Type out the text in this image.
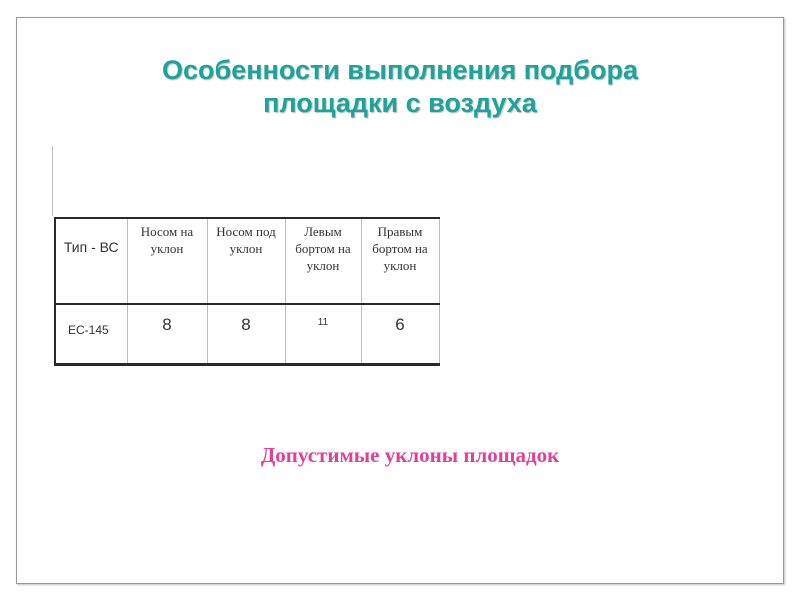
Особенности выполнения подбора
площадки с воздуха
Тип - ВС	Носом на уклон	Носом под уклон	Левым бортом на уклон	Правым бортом на уклон
ЕС-145	8	8	11	6
Допустимые уклоны площадок
